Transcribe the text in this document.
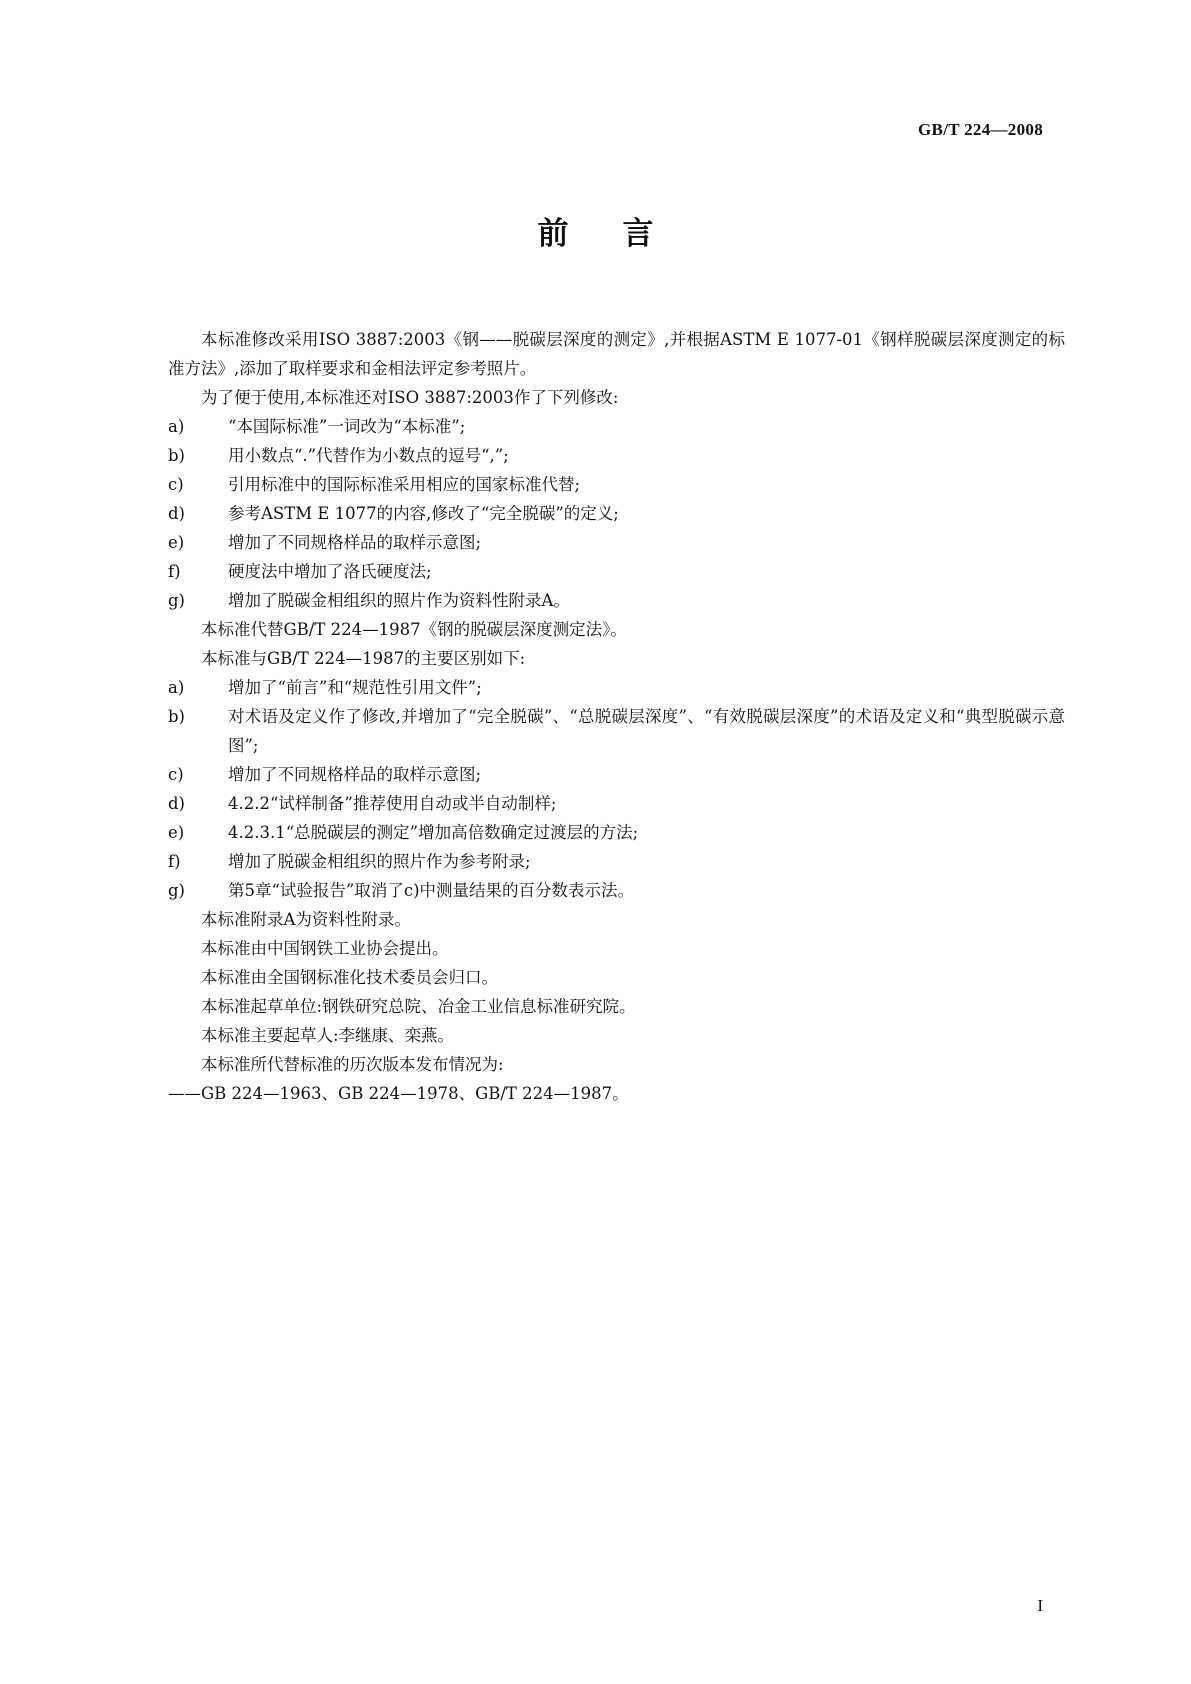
GB/T 224—2008
前言
本标准修改采用ISO 3887:2003《钢——脱碳层深度的测定》,并根据ASTM E 1077-01《钢样脱碳层深度测定的标准方法》,添加了取样要求和金相法评定参考照片。
为了便于使用,本标准还对ISO 3887:2003作了下列修改:
a)	“本国际标准”一词改为“本标准”;
b)	用小数点“.”代替作为小数点的逗号“,”;
c)	引用标准中的国际标准采用相应的国家标准代替;
d)	参考ASTM E 1077的内容,修改了“完全脱碳”的定义;
e)	增加了不同规格样品的取样示意图;
f)	硬度法中增加了洛氏硬度法;
g)	增加了脱碳金相组织的照片作为资料性附录A。
本标准代替GB/T 224—1987《钢的脱碳层深度测定法》。
本标准与GB/T 224—1987的主要区别如下:
a)	增加了“前言”和“规范性引用文件”;
b)	对术语及定义作了修改,并增加了“完全脱碳”、“总脱碳层深度”、“有效脱碳层深度”的术语及定义和“典型脱碳示意图”;
c)	增加了不同规格样品的取样示意图;
d)	4.2.2“试样制备”推荐使用自动或半自动制样;
e)	4.2.3.1“总脱碳层的测定”增加高倍数确定过渡层的方法;
f)	增加了脱碳金相组织的照片作为参考附录;
g)	第5章“试验报告”取消了c)中测量结果的百分数表示法。
本标准附录A为资料性附录。
本标准由中国钢铁工业协会提出。
本标准由全国钢标准化技术委员会归口。
本标准起草单位:钢铁研究总院、冶金工业信息标准研究院。
本标准主要起草人:李继康、栾燕。
本标准所代替标准的历次版本发布情况为:
——GB 224—1963、GB 224—1978、GB/T 224—1987。
I
